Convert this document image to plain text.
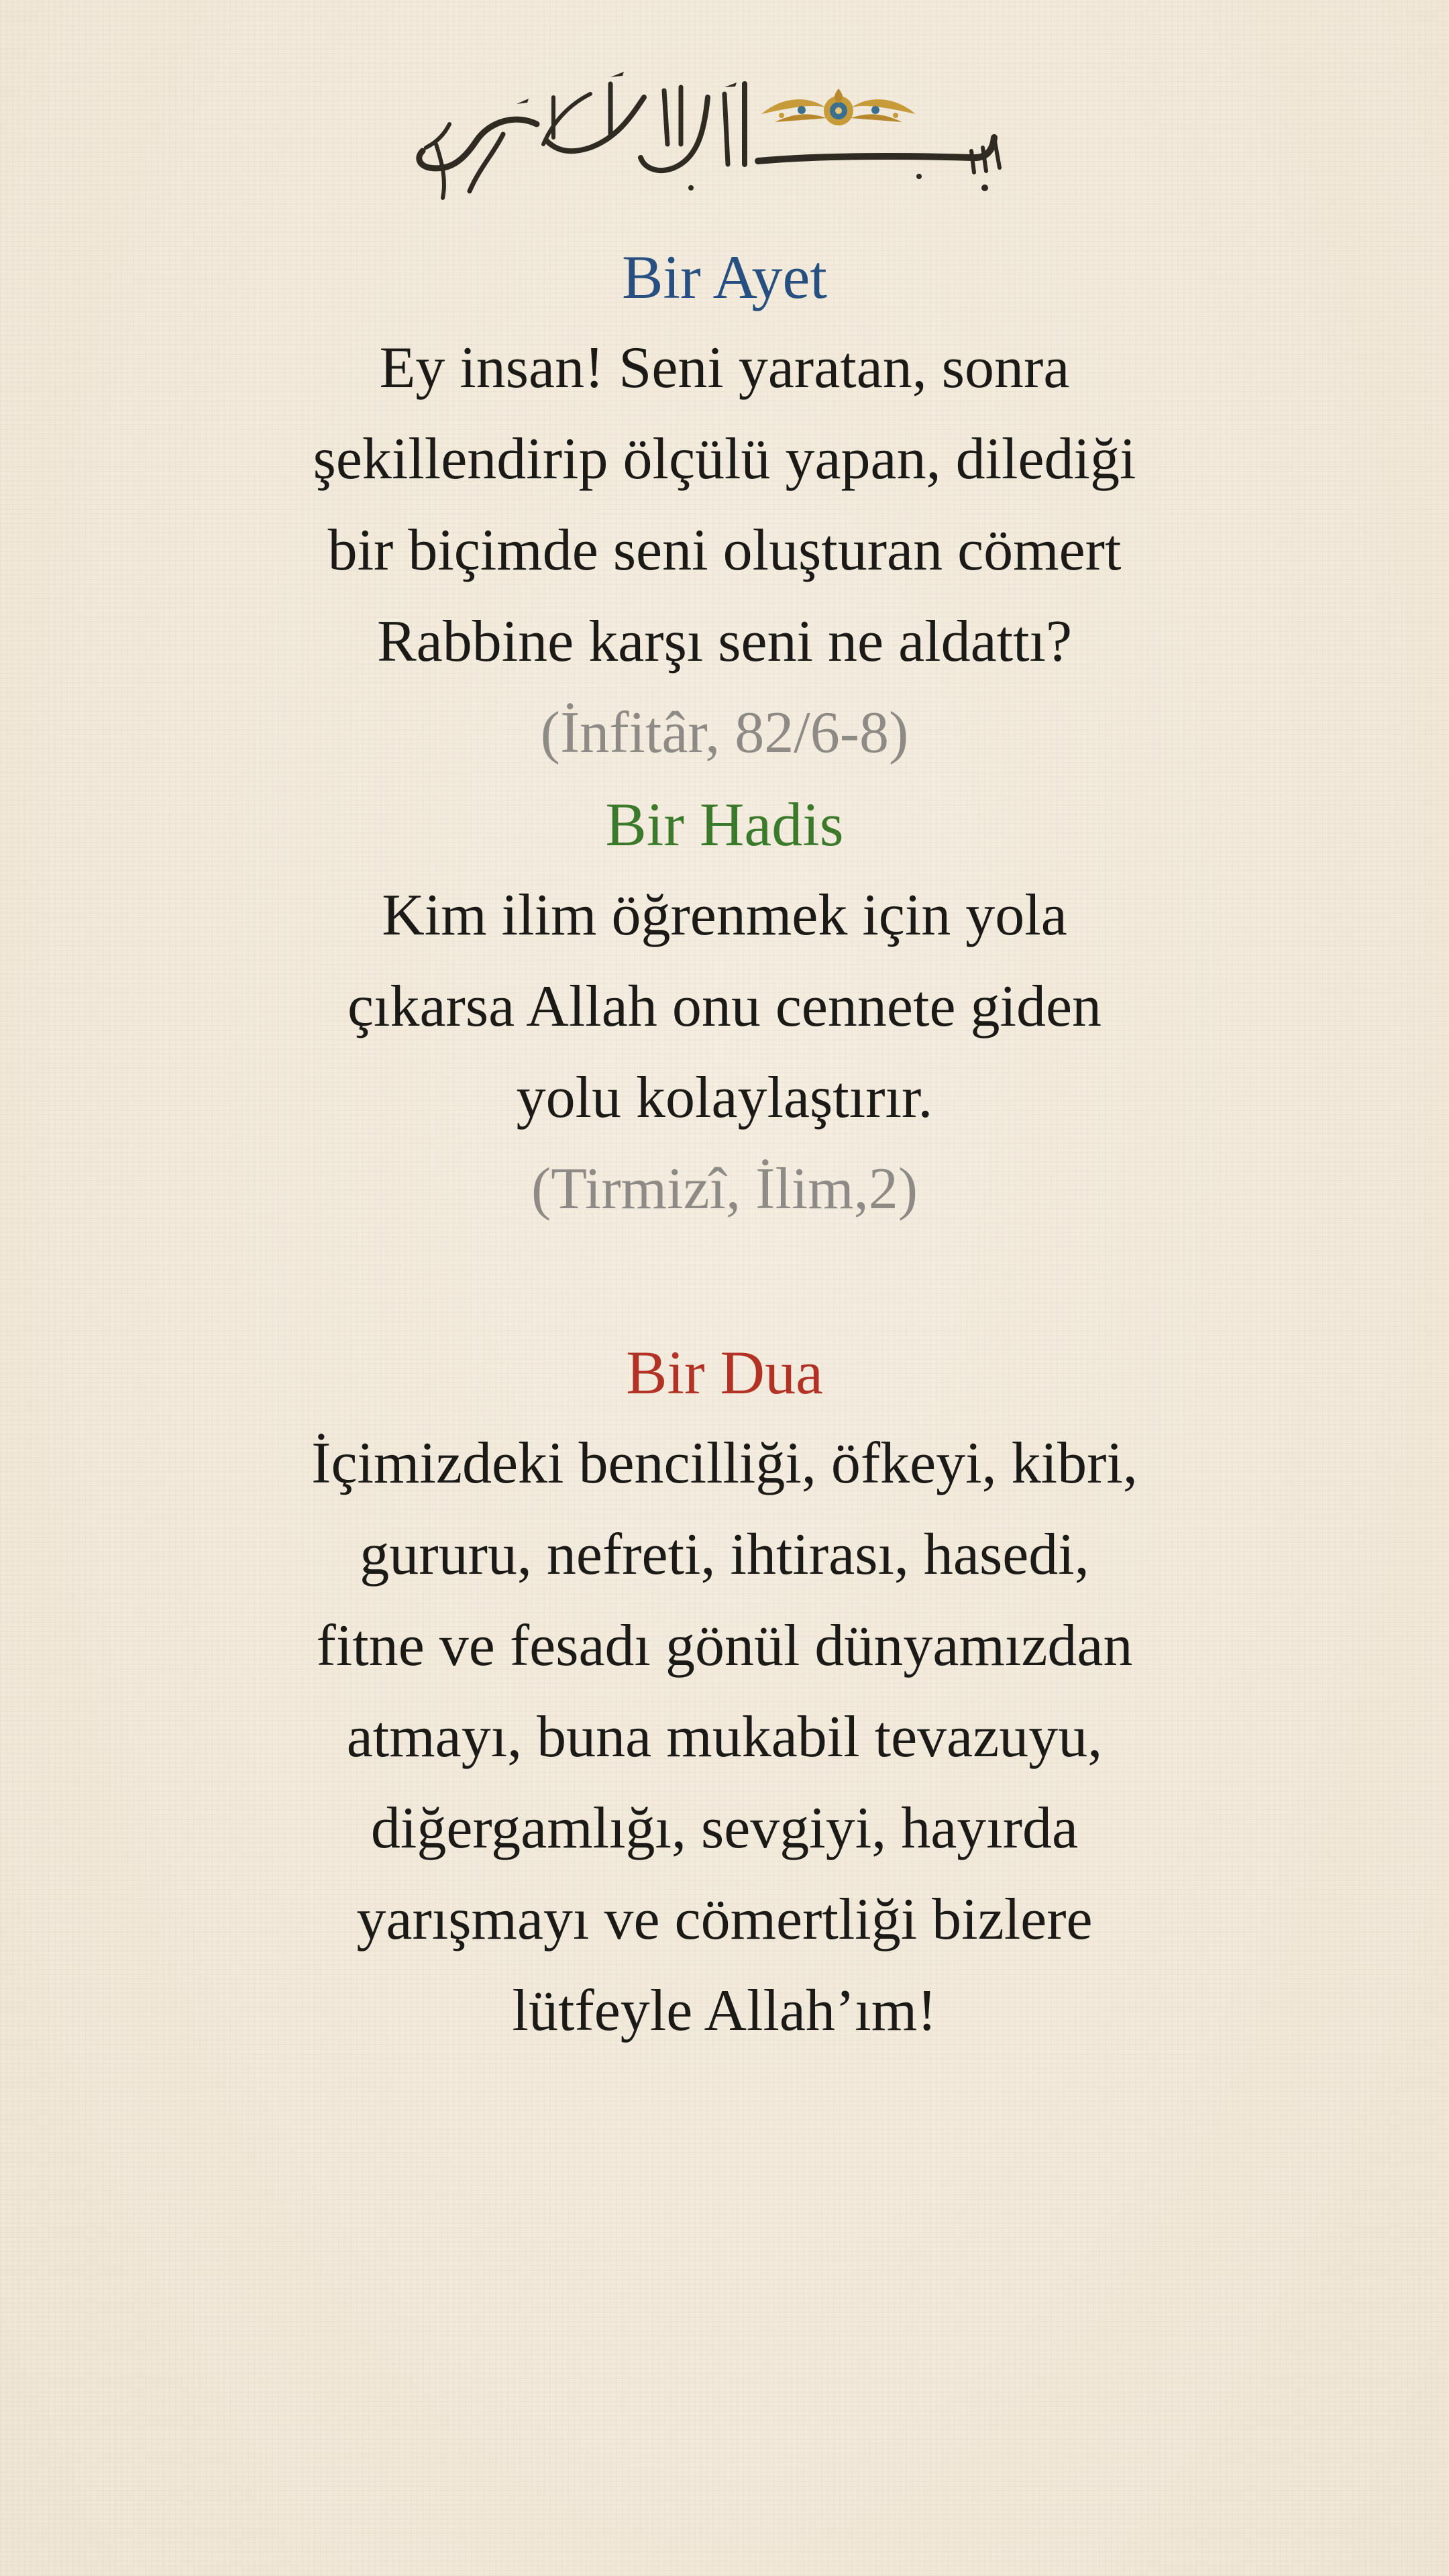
Bir Ayet

Ey insan! Seni yaratan, sonra
şekillendirip ölçülü yapan, dilediği
bir biçimde seni oluşturan cömert
Rabbine karşı seni ne aldattı?

(İnfitâr, 82/6-8)

Bir Hadis

Kim ilim öğrenmek için yola
çıkarsa Allah onu cennete giden
yolu kolaylaştırır.

(Tirmizî, İlim,2)

Bir Dua

İçimizdeki bencilliği, öfkeyi, kibri,
gururu, nefreti, ihtirası, hasedi,
fitne ve fesadı gönül dünyamızdan
atmayı, buna mukabil tevazuyu,
diğergamlığı, sevgiyi, hayırda
yarışmayı ve cömertliği bizlere
lütfeyle Allah’ım!
